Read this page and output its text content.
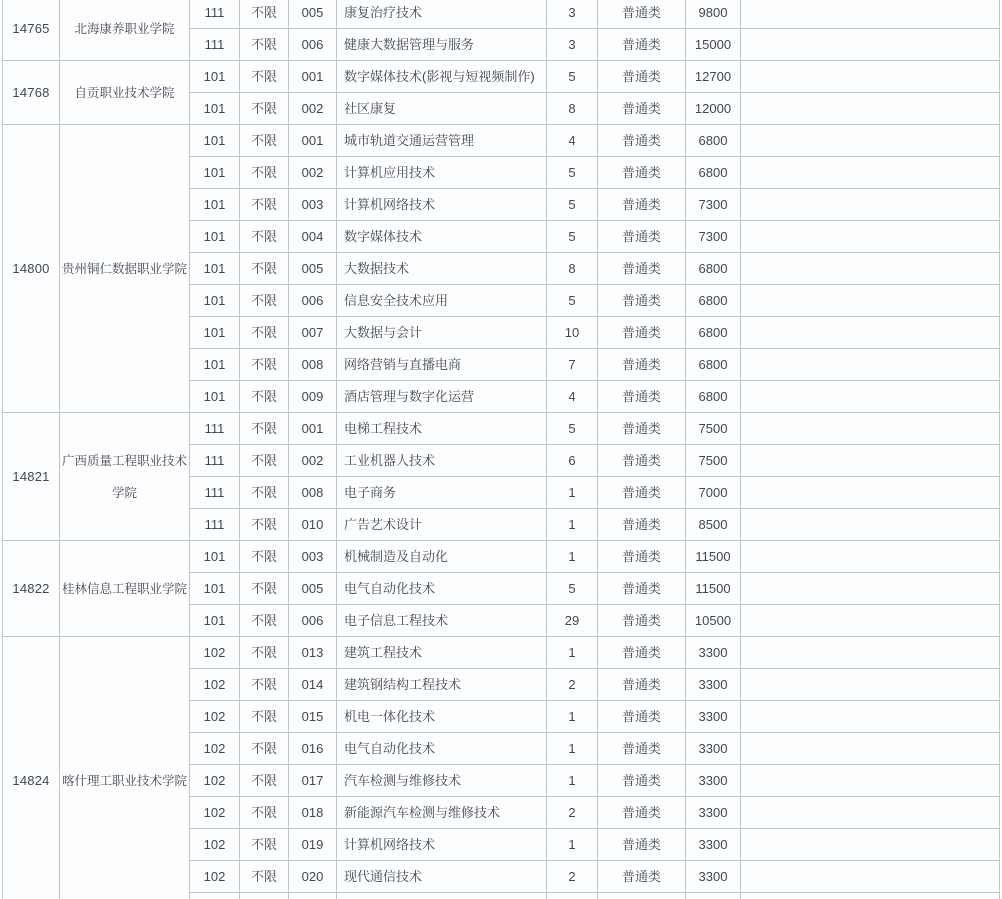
14765	北海康养职业学院	111	不限	005	康复治疗技术	3	普通类	9800	
		111	不限	006	健康大数据管理与服务	3	普通类	15000	
14768	自贡职业技术学院	101	不限	001	数字媒体技术(影视与短视频制作)	5	普通类	12700	
		101	不限	002	社区康复	8	普通类	12000	
14800	贵州铜仁数据职业学院	101	不限	001	城市轨道交通运营管理	4	普通类	6800	
		101	不限	002	计算机应用技术	5	普通类	6800	
		101	不限	003	计算机网络技术	5	普通类	7300	
		101	不限	004	数字媒体技术	5	普通类	7300	
		101	不限	005	大数据技术	8	普通类	6800	
		101	不限	006	信息安全技术应用	5	普通类	6800	
		101	不限	007	大数据与会计	10	普通类	6800	
		101	不限	008	网络营销与直播电商	7	普通类	6800	
		101	不限	009	酒店管理与数字化运营	4	普通类	6800	
14821	广西质量工程职业技术学院	111	不限	001	电梯工程技术	5	普通类	7500	
		111	不限	002	工业机器人技术	6	普通类	7500	
		111	不限	008	电子商务	1	普通类	7000	
		111	不限	010	广告艺术设计	1	普通类	8500	
14822	桂林信息工程职业学院	101	不限	003	机械制造及自动化	1	普通类	11500	
		101	不限	005	电气自动化技术	5	普通类	11500	
		101	不限	006	电子信息工程技术	29	普通类	10500	
14824	喀什理工职业技术学院	102	不限	013	建筑工程技术	1	普通类	3300	
		102	不限	014	建筑钢结构工程技术	2	普通类	3300	
		102	不限	015	机电一体化技术	1	普通类	3300	
		102	不限	016	电气自动化技术	1	普通类	3300	
		102	不限	017	汽车检测与维修技术	1	普通类	3300	
		102	不限	018	新能源汽车检测与维修技术	2	普通类	3300	
		102	不限	019	计算机网络技术	1	普通类	3300	
		102	不限	020	现代通信技术	2	普通类	3300	
